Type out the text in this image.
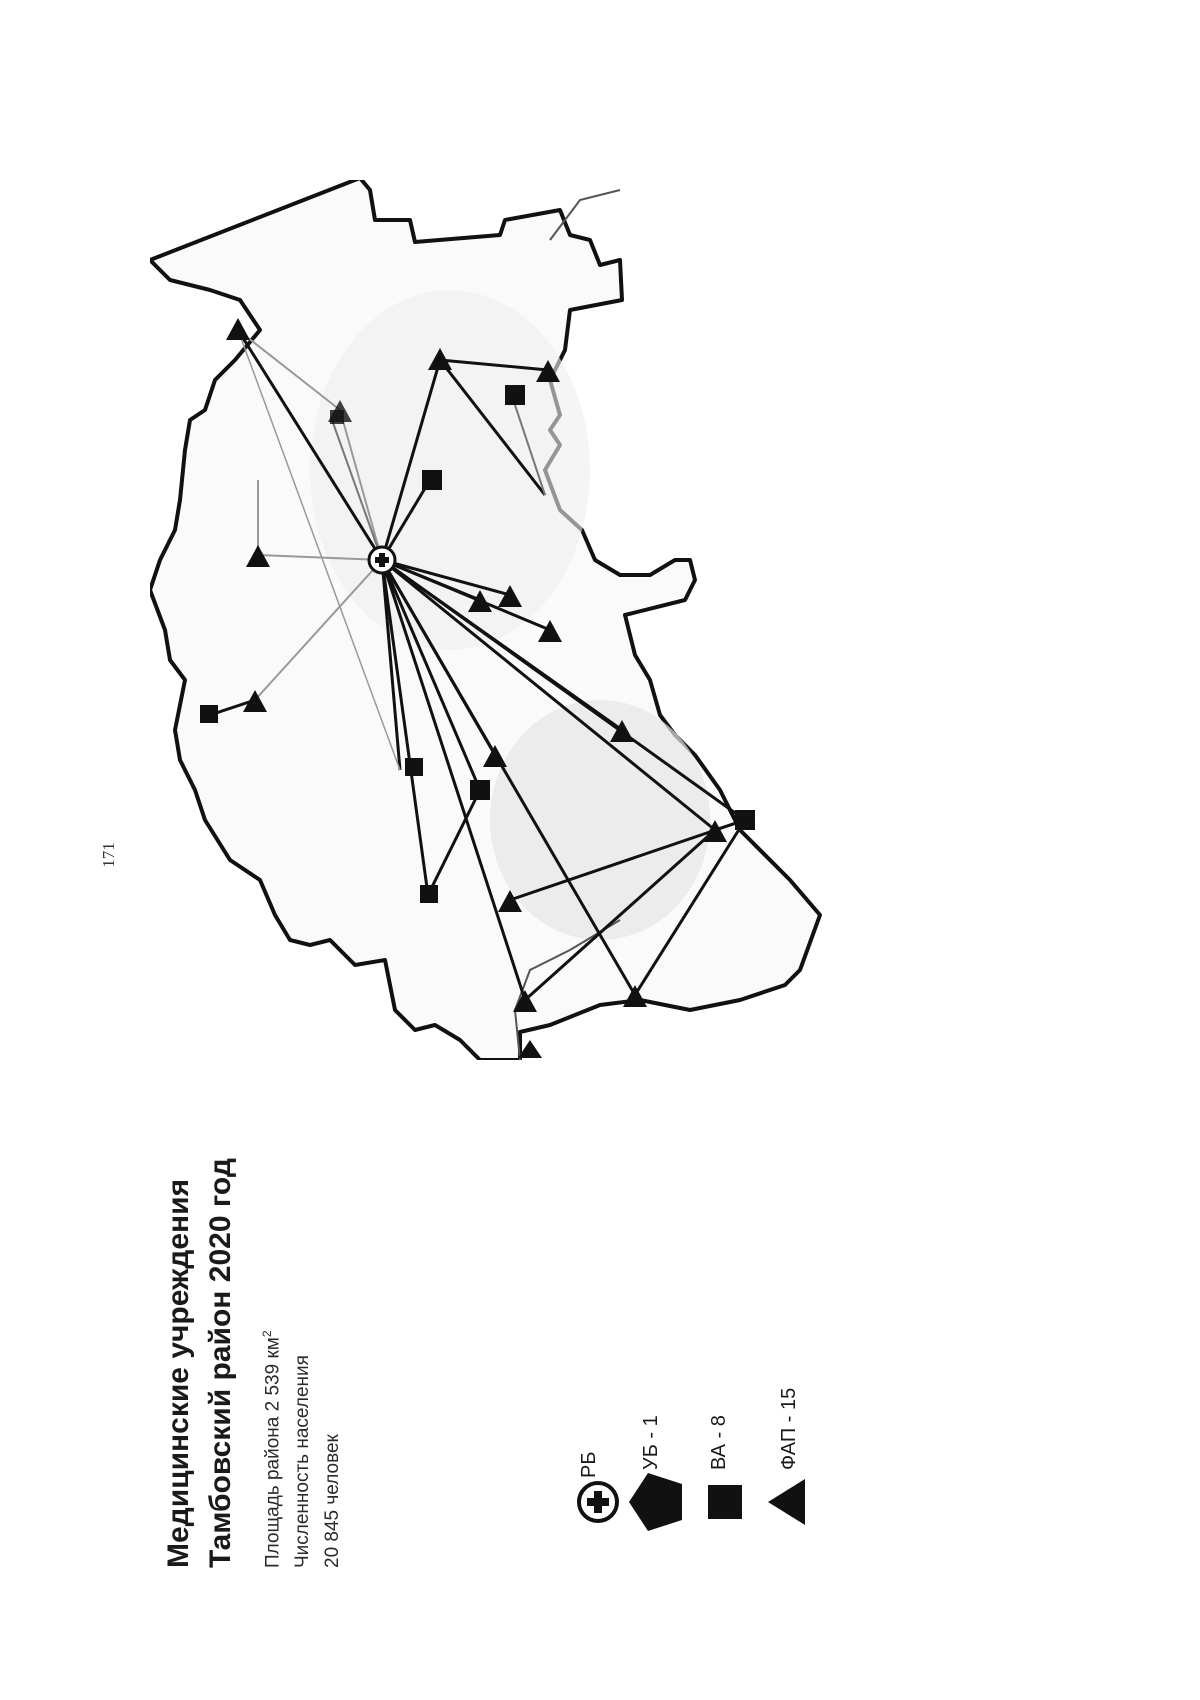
171
Медицинские учреждения Тамбовский район 2020 год	Площадь района 2 539 $км^2$
Численность населения 20 845 человек	РБ УБ - 1 ВА - 8 ФАП - 15
